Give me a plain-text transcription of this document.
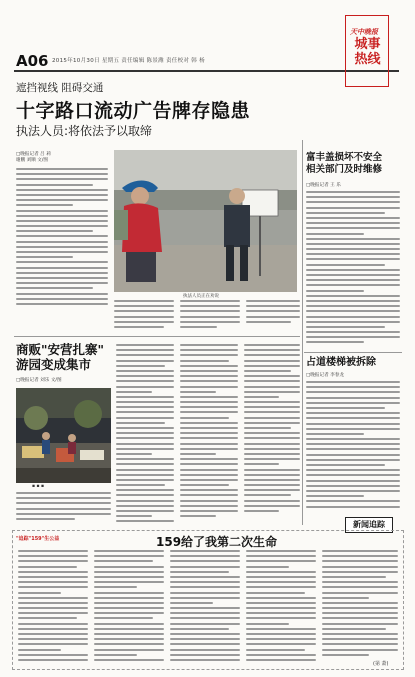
A06 2015年10月30日 星期五 责任编辑 陈景潍 责任校对 韩 杨
天中晚报
城事热线
遮挡视线 阻碍交通
十字路口流动广告牌存隐患
执法人员:将依法予以取缔
执法人员正在劝说
□晚报记者 吕 莉
谢鹏 刘顺 文/图	富丰盖损坏不安全
相关部门及时维修
□晚报记者 王 乐
占道楼梯被拆除
□晚报记者 李春龙
新闻追踪
商贩"安营扎寨"
游园变成集市
□晚报记者 刘乐 文/图
▪ ▪ ▪
"追踪"159"生公益	159给了我第二次生命
(第 萧)
